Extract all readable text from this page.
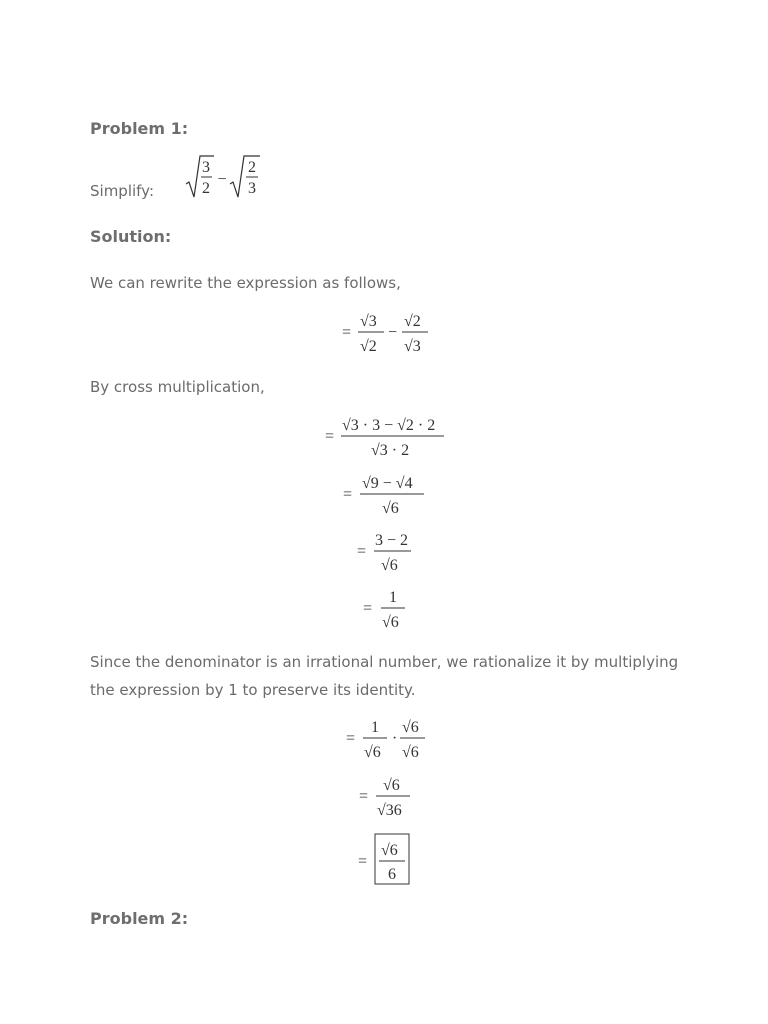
Problem 1:
Simplify:
3
2
−
2
3
Solution:
We can rewrite the expression as follows,
=
√3
√2
−
√2
√3
By cross multiplication,
=
√3 · 3 − √2 · 2
√3 · 2
=
√9 − √4
√6
=
3 − 2
√6
=
1
√6
Since the denominator is an irrational number, we rationalize it by multiplying
the expression by 1 to preserve its identity.
=
1
√6
·
√6
√6
=
√6
√36
=
√6
6
Problem 2:
